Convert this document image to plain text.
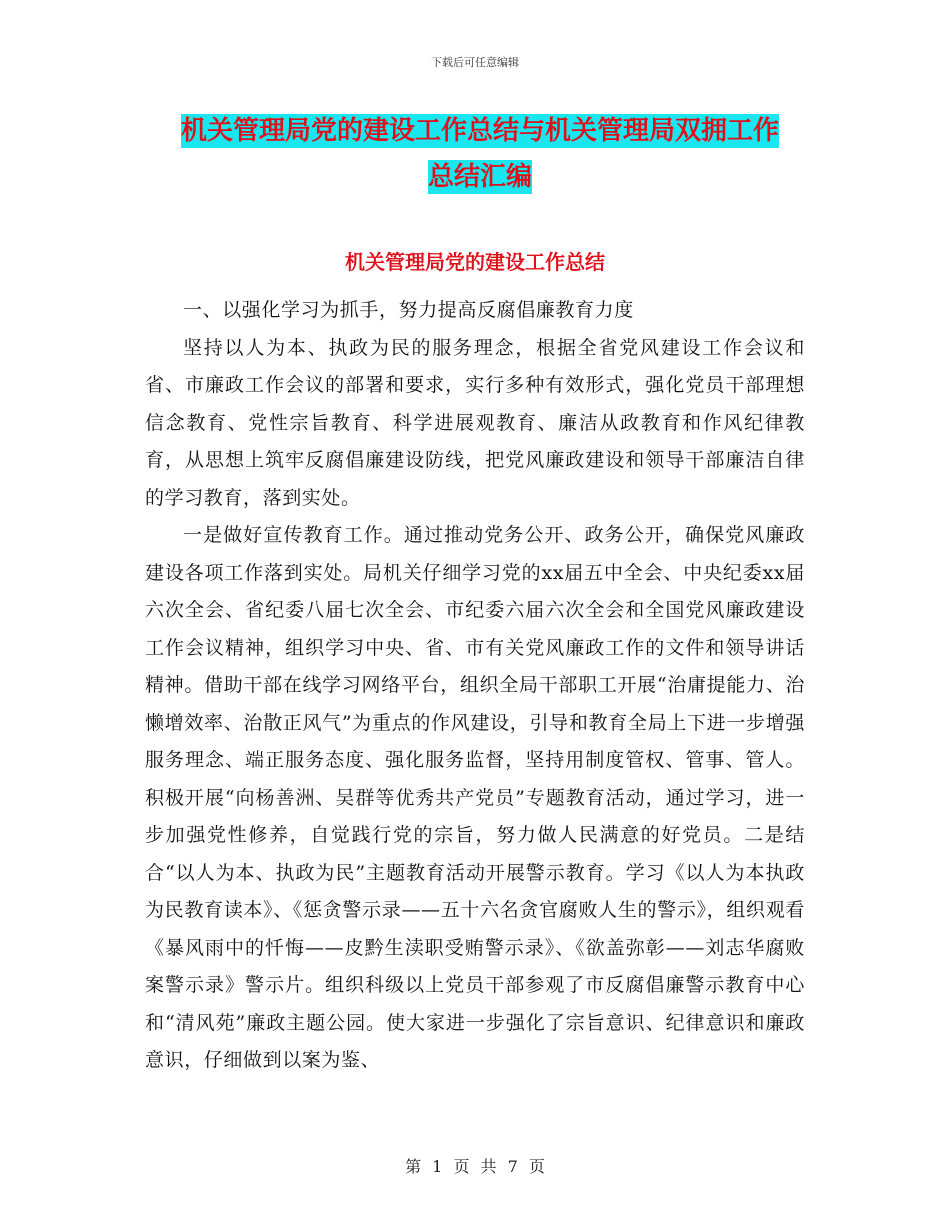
下载后可任意编辑
机关管理局党的建设工作总结与机关管理局双拥工作
总结汇编
机关管理局党的建设工作总结

一、以强化学习为抓手，努力提高反腐倡廉教育力度

坚持以人为本、执政为民的服务理念，根据全省党风建设工作会议和省、市廉政工作会议的部署和要求，实行多种有效形式，强化党员干部理想信念教育、党性宗旨教育、科学进展观教育、廉洁从政教育和作风纪律教育，从思想上筑牢反腐倡廉建设防线，把党风廉政建设和领导干部廉洁自律的学习教育，落到实处。

一是做好宣传教育工作。通过推动党务公开、政务公开，确保党风廉政建设各项工作落到实处。局机关仔细学习党的xx届五中全会、中央纪委xx届六次全会、省纪委八届七次全会、市纪委六届六次全会和全国党风廉政建设工作会议精神，组织学习中央、省、市有关党风廉政工作的文件和领导讲话精神。借助干部在线学习网络平台，组织全局干部职工开展“治庸提能力、治懒增效率、治散正风气”为重点的作风建设，引导和教育全局上下进一步增强服务理念、端正服务态度、强化服务监督，坚持用制度管权、管事、管人。积极开展“向杨善洲、吴群等优秀共产党员”专题教育活动，通过学习，进一步加强党性修养，自觉践行党的宗旨，努力做人民满意的好党员。二是结合“以人为本、执政为民”主题教育活动开展警示教育。学习《以人为本执政为民教育读本》、《惩贪警示录——五十六名贪官腐败人生的警示》，组织观看《暴风雨中的忏悔——皮黔生渎职受贿警示录》、《欲盖弥彰——刘志华腐败案警示录》警示片。组织科级以上党员干部参观了市反腐倡廉警示教育中心和“清风苑”廉政主题公园。使大家进一步强化了宗旨意识、纪律意识和廉政意识，仔细做到以案为鉴、

第 1 页 共 7 页
